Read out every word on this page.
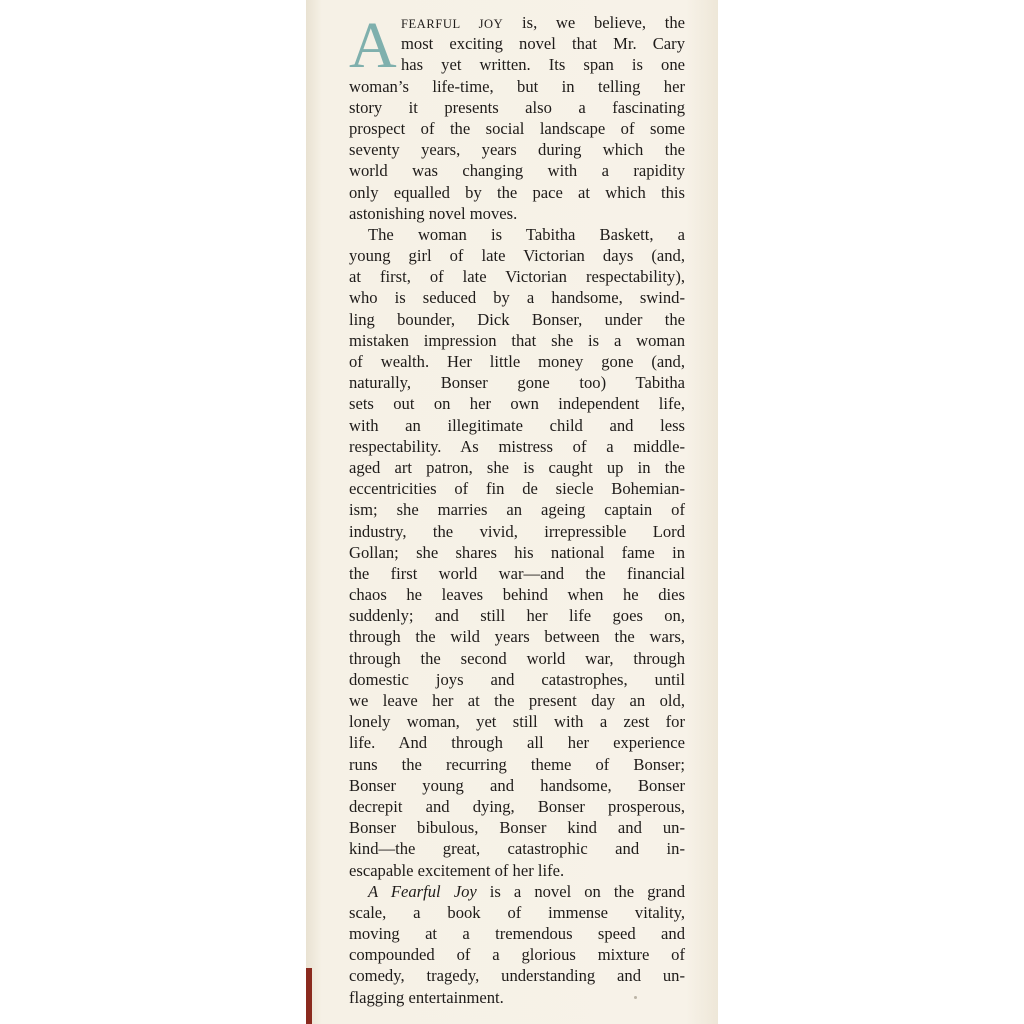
A FEARFUL JOY is, we believe, the
most exciting novel that Mr. Cary
has yet written. Its span is one
woman’s life-time, but in telling her
story it presents also a fascinating
prospect of the social landscape of some
seventy years, years during which the
world was changing with a rapidity
only equalled by the pace at which this
astonishing novel moves.
The woman is Tabitha Baskett, a
young girl of late Victorian days (and,
at first, of late Victorian respectability),
who is seduced by a handsome, swind-
ling bounder, Dick Bonser, under the
mistaken impression that she is a woman
of wealth. Her little money gone (and,
naturally, Bonser gone too) Tabitha
sets out on her own independent life,
with an illegitimate child and less
respectability. As mistress of a middle-
aged art patron, she is caught up in the
eccentricities of fin de siecle Bohemian-
ism; she marries an ageing captain of
industry, the vivid, irrepressible Lord
Gollan; she shares his national fame in
the first world war—and the financial
chaos he leaves behind when he dies
suddenly; and still her life goes on,
through the wild years between the wars,
through the second world war, through
domestic joys and catastrophes, until
we leave her at the present day an old,
lonely woman, yet still with a zest for
life. And through all her experience
runs the recurring theme of Bonser;
Bonser young and handsome, Bonser
decrepit and dying, Bonser prosperous,
Bonser bibulous, Bonser kind and un-
kind—the great, catastrophic and in-
escapable excitement of her life.
A Fearful Joy is a novel on the grand
scale, a book of immense vitality,
moving at a tremendous speed and
compounded of a glorious mixture of
comedy, tragedy, understanding and un-
flagging entertainment.
